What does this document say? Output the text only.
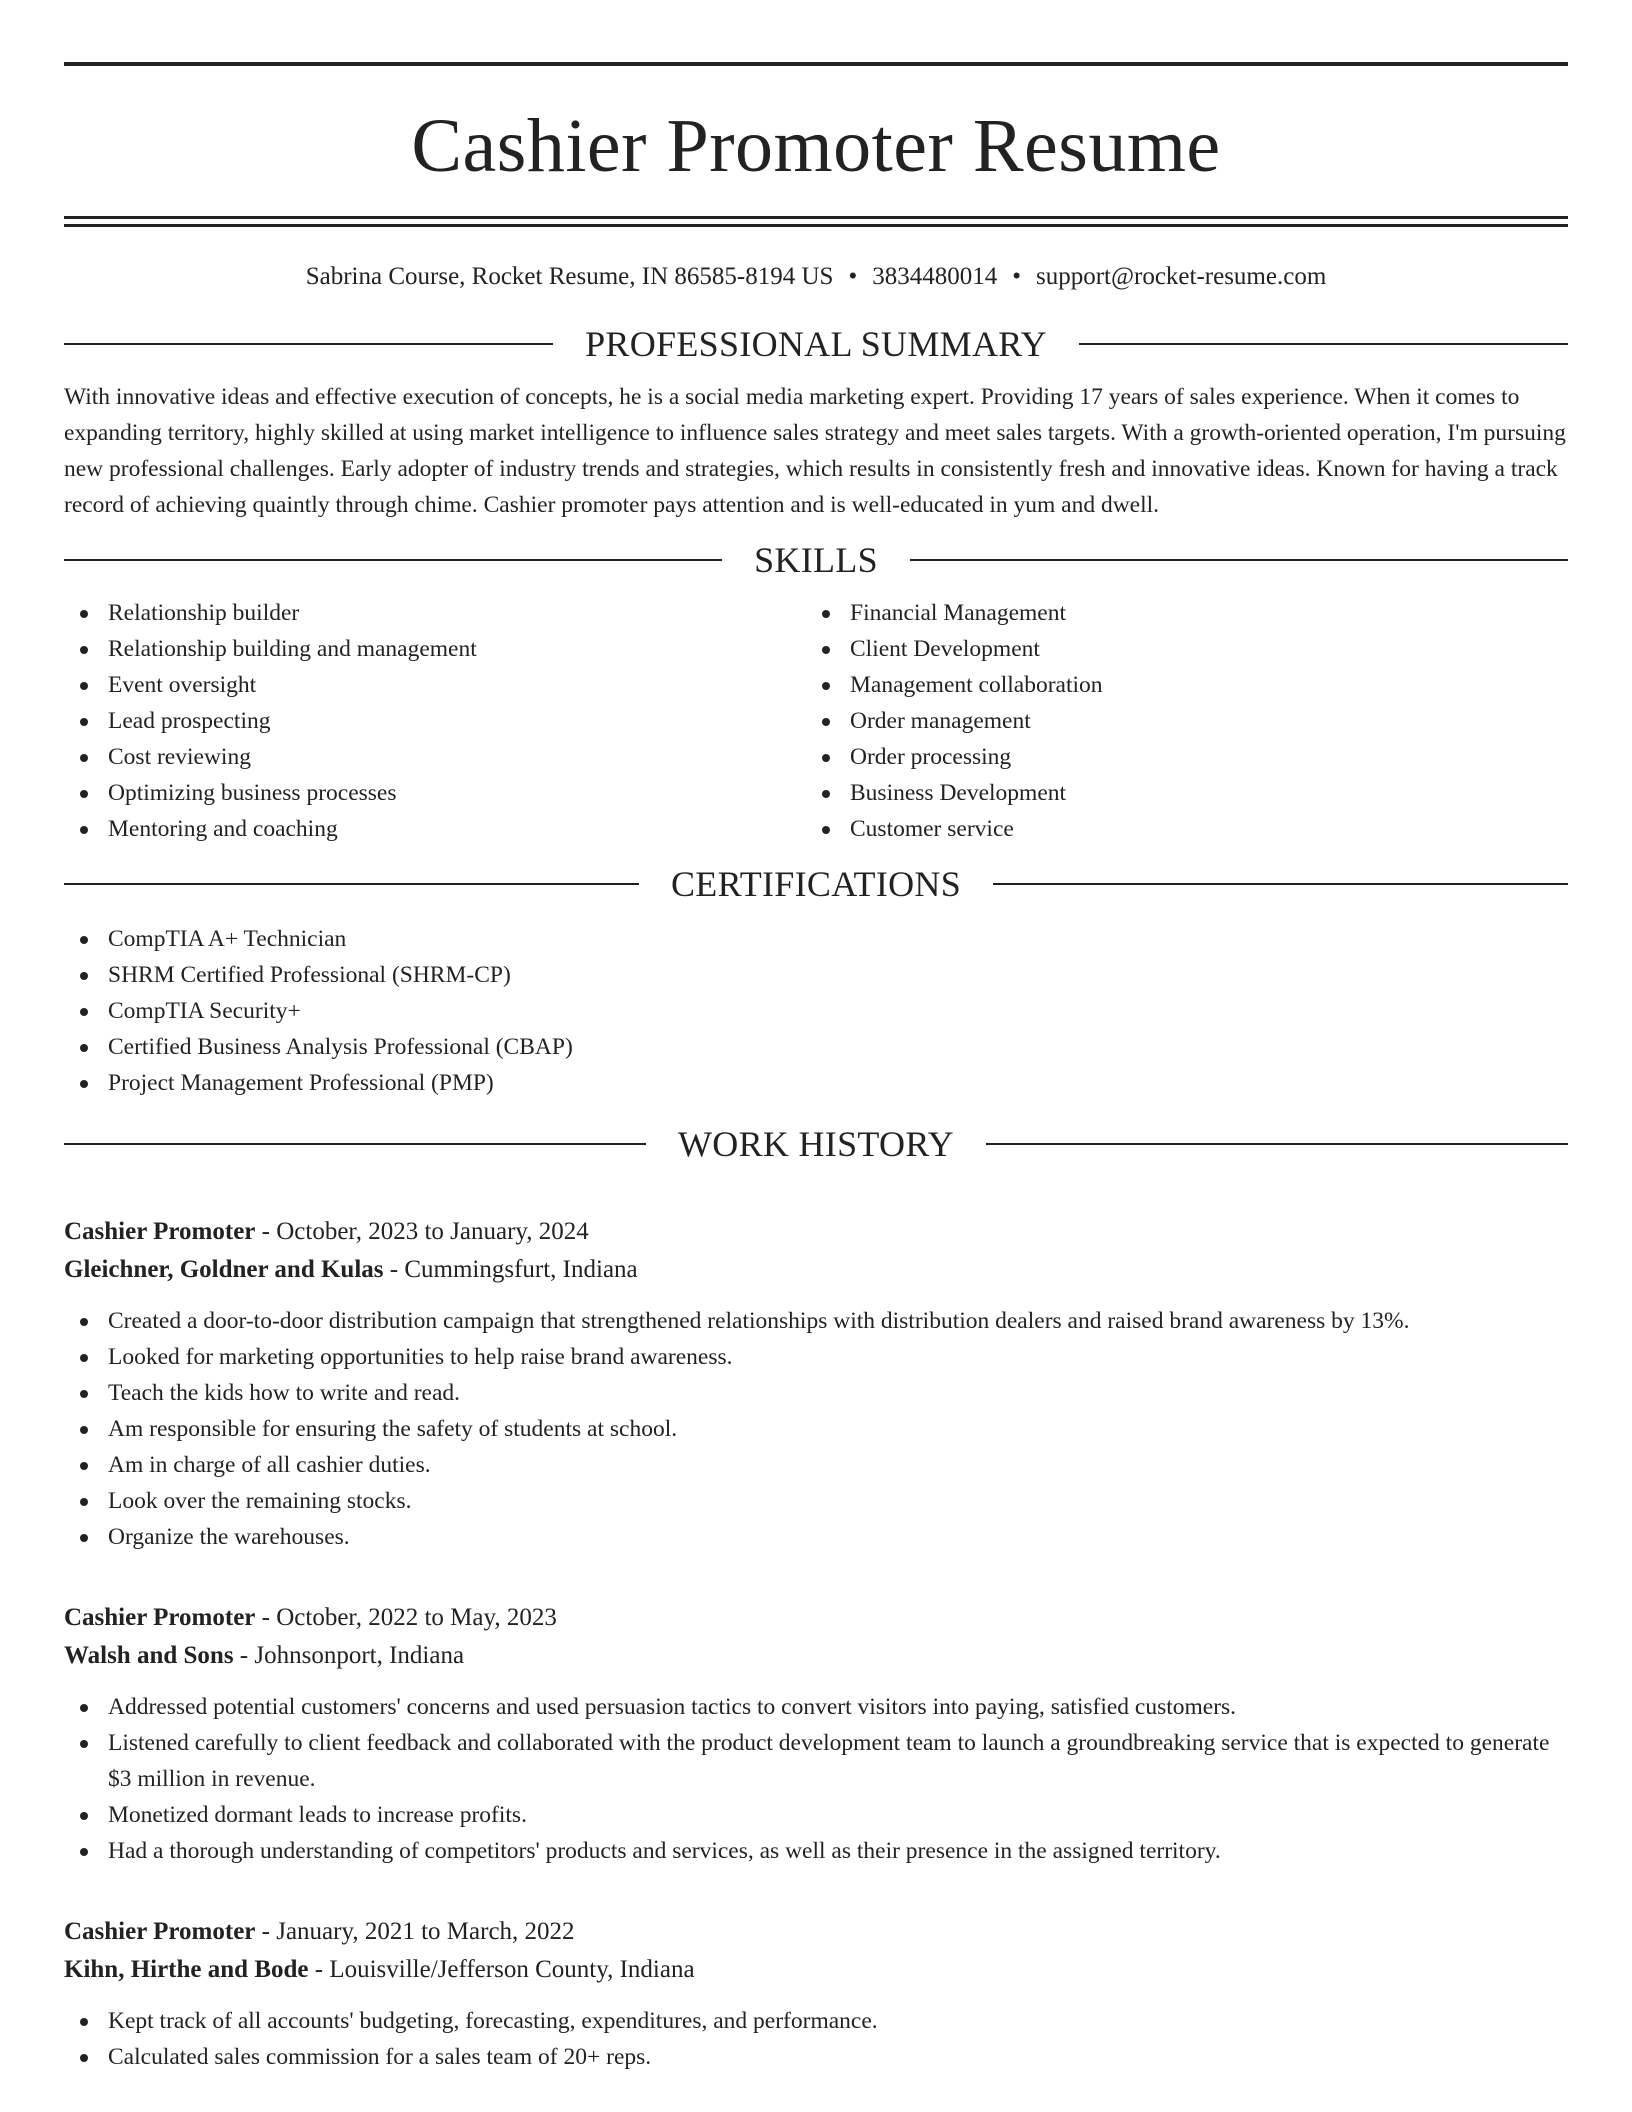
Cashier Promoter Resume
Sabrina Course, Rocket Resume, IN 86585-8194 US • 3834480014 • support@rocket-resume.com
PROFESSIONAL SUMMARY

With innovative ideas and effective execution of concepts, he is a social media marketing expert. Providing 17 years of sales experience. When it comes to expanding territory, highly skilled at using market intelligence to influence sales strategy and meet sales targets. With a growth-oriented operation, I'm pursuing new professional challenges. Early adopter of industry trends and strategies, which results in consistently fresh and innovative ideas. Known for having a track record of achieving quaintly through chime. Cashier promoter pays attention and is well-educated in yum and dwell.

SKILLS
Relationship builder
Relationship building and management
Event oversight
Lead prospecting
Cost reviewing
Optimizing business processes
Mentoring and coaching
Financial Management
Client Development
Management collaboration
Order management
Order processing
Business Development
Customer service
CERTIFICATIONS
CompTIA A+ Technician
SHRM Certified Professional (SHRM-CP)
CompTIA Security+
Certified Business Analysis Professional (CBAP)
Project Management Professional (PMP)
WORK HISTORY
Cashier Promoter - October, 2023 to January, 2024
Gleichner, Goldner and Kulas - Cummingsfurt, Indiana
Created a door-to-door distribution campaign that strengthened relationships with distribution dealers and raised brand awareness by 13%.
Looked for marketing opportunities to help raise brand awareness.
Teach the kids how to write and read.
Am responsible for ensuring the safety of students at school.
Am in charge of all cashier duties.
Look over the remaining stocks.
Organize the warehouses.
Cashier Promoter - October, 2022 to May, 2023
Walsh and Sons - Johnsonport, Indiana
Addressed potential customers' concerns and used persuasion tactics to convert visitors into paying, satisfied customers.
Listened carefully to client feedback and collaborated with the product development team to launch a groundbreaking service that is expected to generate $3 million in revenue.
Monetized dormant leads to increase profits.
Had a thorough understanding of competitors' products and services, as well as their presence in the assigned territory.
Cashier Promoter - January, 2021 to March, 2022
Kihn, Hirthe and Bode - Louisville/Jefferson County, Indiana
Kept track of all accounts' budgeting, forecasting, expenditures, and performance.
Calculated sales commission for a sales team of 20+ reps.
